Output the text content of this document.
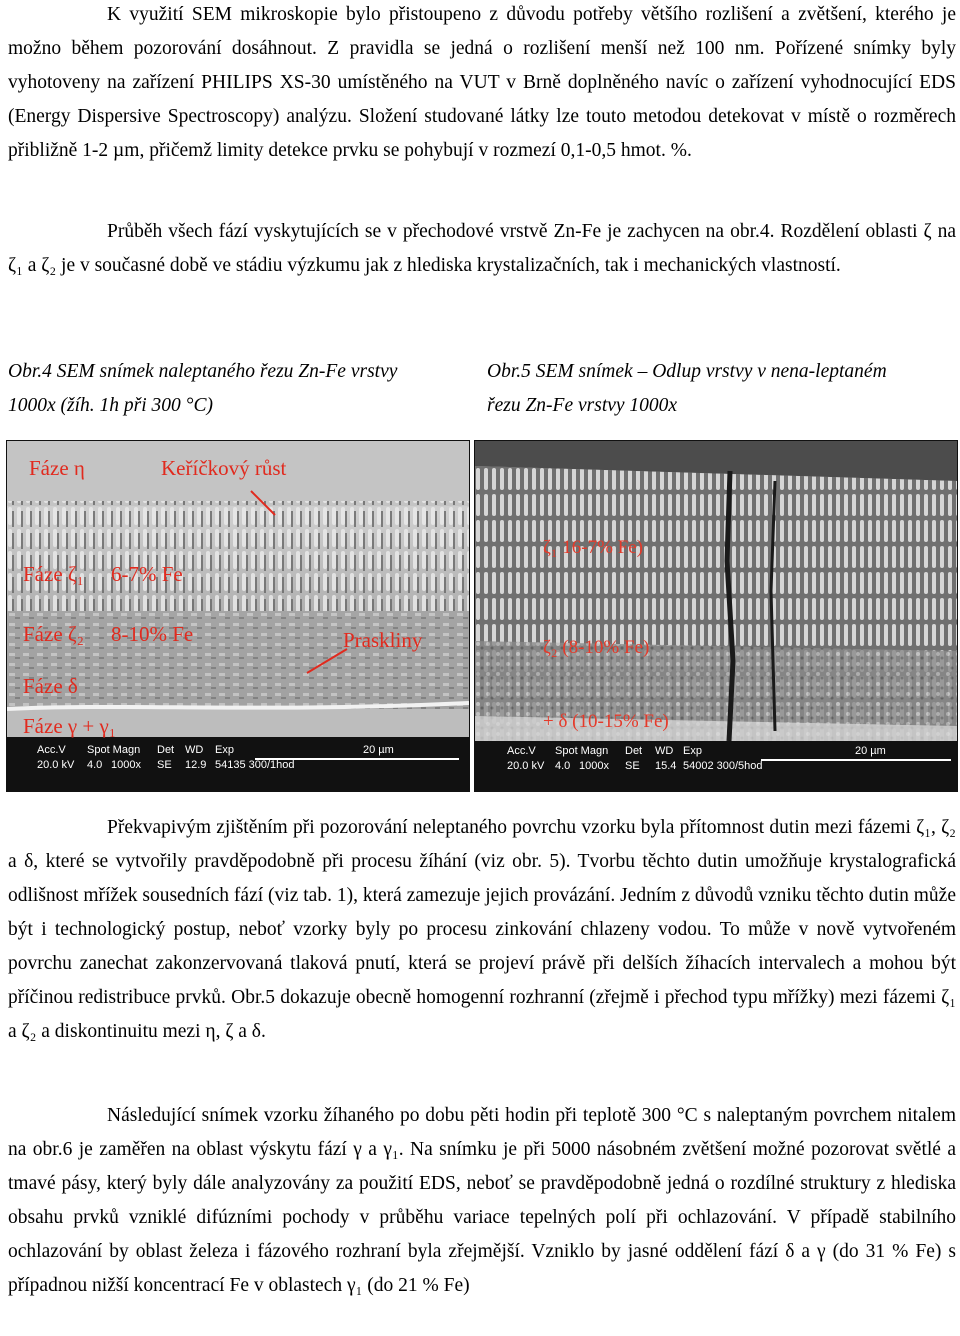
K využití SEM mikroskopie bylo přistoupeno z důvodu potřeby většího rozlišení a zvětšení, kterého je možno během pozorování dosáhnout. Z pravidla se jedná o rozlišení menší než 100 nm. Pořízené snímky byly vyhotoveny na zařízení PHILIPS XS-30 umístěného na VUT v Brně doplněného navíc o zařízení vyhodnocující EDS (Energy Dispersive Spectroscopy) analýzu. Složení studované látky lze touto metodou detekovat v místě o rozměrech přibližně 1-2 µm, přičemž limity detekce prvku se pohybují v rozmezí 0,1-0,5 hmot. %.

Průběh všech fází vyskytujících se v přechodové vrstvě Zn-Fe je zachycen na obr.4. Rozdělení oblasti ζ na ζ₁ a ζ₂ je v současné době ve stádiu výzkumu jak z hlediska krystalizačních, tak i mechanických vlastností.

Obr.4 SEM snímek naleptaného řezu Zn-Fe vrstvy 1000x (žíh. 1h při 300 °C)

Obr.5 SEM snímek – Odlup vrstvy v nena-leptaném řezu Zn-Fe vrstvy 1000x

Fáze η	Keříčkový růst
Fáze ζ₁ 6-7% Fe
Fáze ζ₂ 8-10% Fe	Praskliny
Fáze δ
Fáze γ + γ₁
Acc.V Spot Magn Det WD Exp	20 µm
20.0 kV 4.0 1000x SE 12.9 54135 300/1hod
ζ₁ 16-7% Fe)
ζ₂ (8-10% Fe)
+ δ (10-15% Fe)
Acc.V Spot Magn Det WD Exp	20 µm
20.0 kV 4.0 1000x SE 15.4 54002 300/5hod

Překvapivým zjištěním při pozorování neleptaného povrchu vzorku byla přítomnost dutin mezi fázemi ζ₁, ζ₂ a δ, které se vytvořily pravděpodobně při procesu žíhání (viz obr. 5). Tvorbu těchto dutin umožňuje krystalografická odlišnost mřížek sousedních fází (viz tab. 1), která zamezuje jejich provázání. Jedním z důvodů vzniku těchto dutin může být i technologický postup, neboť vzorky byly po procesu zinkování chlazeny vodou. To může v nově vytvořeném povrchu zanechat zakonzervovaná tlaková pnutí, která se projeví právě při delších žíhacích intervalech a mohou být příčinou redistribuce prvků. Obr.5 dokazuje obecně homogenní rozhranní (zřejmě i přechod typu mřížky) mezi fázemi ζ₁ a ζ₂ a diskontinuitu mezi η, ζ a δ.

Následující snímek vzorku žíhaného po dobu pěti hodin při teplotě 300 °C s naleptaným povrchem nitalem na obr.6 je zaměřen na oblast výskytu fází γ a γ₁. Na snímku je při 5000 násobném zvětšení možné pozorovat světlé a tmavé pásy, který byly dále analyzovány za použití EDS, neboť se pravděpodobně jedná o rozdílné struktury z hlediska obsahu prvků vzniklé difúzními pochody v průběhu variace tepelných polí při ochlazování. V případě stabilního ochlazování by oblast železa i fázového rozhraní byla zřejmější. Vzniklo by jasné oddělení fází δ a γ (do 31 % Fe) s případnou nižší koncentrací Fe v oblastech γ₁ (do 21 % Fe)
